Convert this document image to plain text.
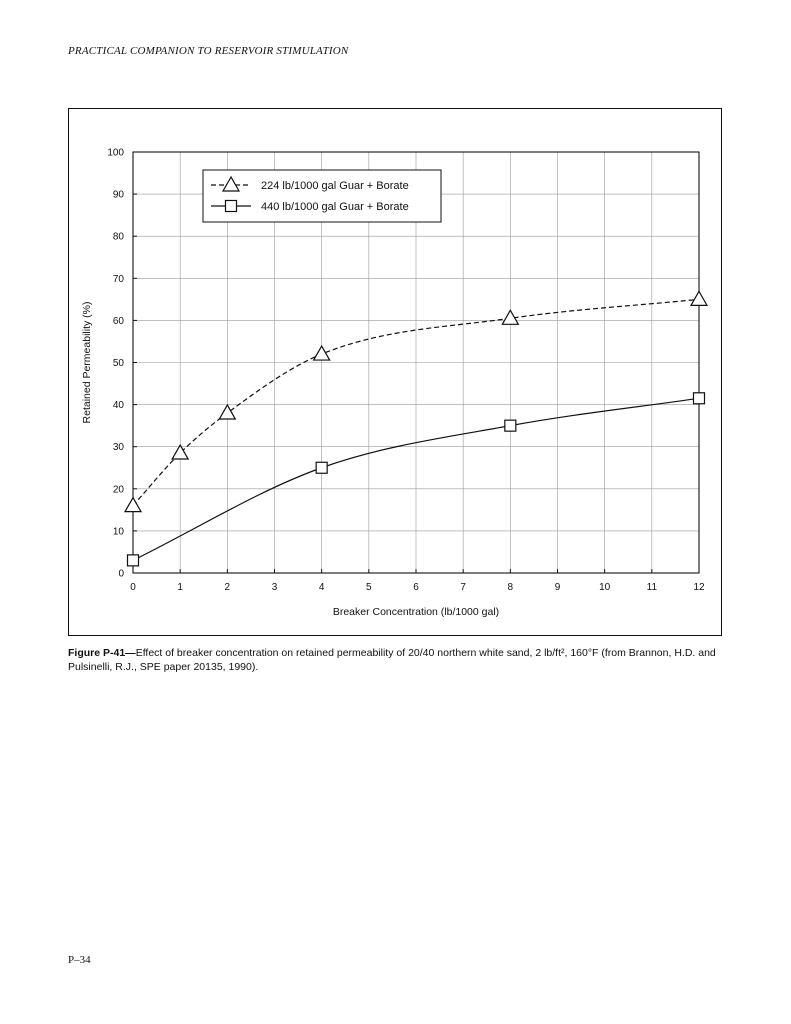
PRACTICAL COMPANION TO RESERVOIR STIMULATION

0	1	2	3	4	5	6	7	8	9	10	11	12
0
10
20
30
40
50
60
70
80
90
100
Breaker Concentration (lb/1000 gal)
Retained Permeability (%)
224 lb/1000 gal Guar + Borate
440 lb/1000 gal Guar + Borate

Figure P-41—Effect of breaker concentration on retained permeability of 20/40 northern white sand, 2 lb/ft², 160°F (from Brannon, H.D. and Pulsinelli, R.J., SPE paper 20135, 1990).

P–34
